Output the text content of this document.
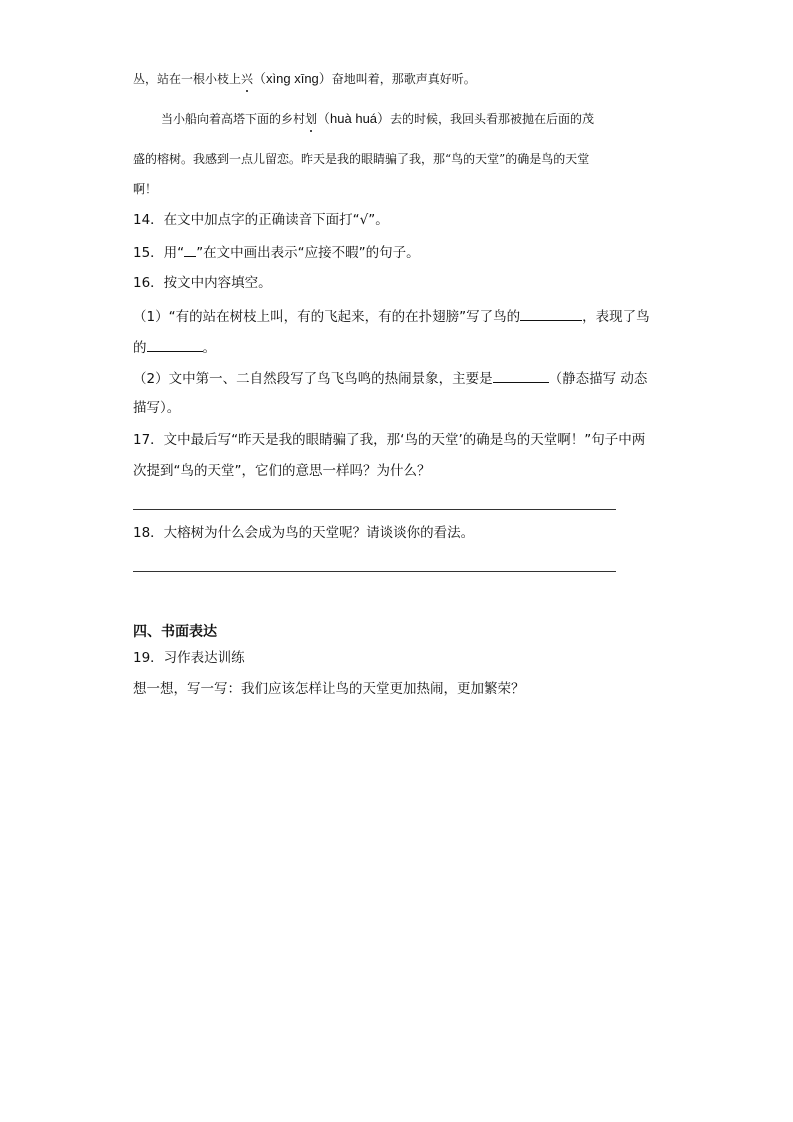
丛，站在一根小枝上兴（xìng xīng）奋地叫着，那歌声真好听。
当小船向着高塔下面的乡村划（huà huá）去的时候，我回头看那被抛在后面的茂
盛的榕树。我感到一点儿留恋。昨天是我的眼睛骗了我，那“鸟的天堂”的确是鸟的天堂
啊！
14．在文中加点字的正确读音下面打“√”。
15．用“ ”在文中画出表示“应接不暇”的句子。
16．按文中内容填空。
（1）“有的站在树枝上叫，有的飞起来，有的在扑翅膀”写了鸟的	，表现了鸟
的	。
（2）文中第一、二自然段写了鸟飞鸟鸣的热闹景象，主要是	（静态描写 动态
描写）。
17．文中最后写“昨天是我的眼睛骗了我，那‘鸟的天堂’的确是鸟的天堂啊！”句子中两
次提到“鸟的天堂”，它们的意思一样吗？为什么？
18．大榕树为什么会成为鸟的天堂呢？请谈谈你的看法。
四、书面表达
19．习作表达训练
想一想，写一写：我们应该怎样让鸟的天堂更加热闹，更加繁荣？
